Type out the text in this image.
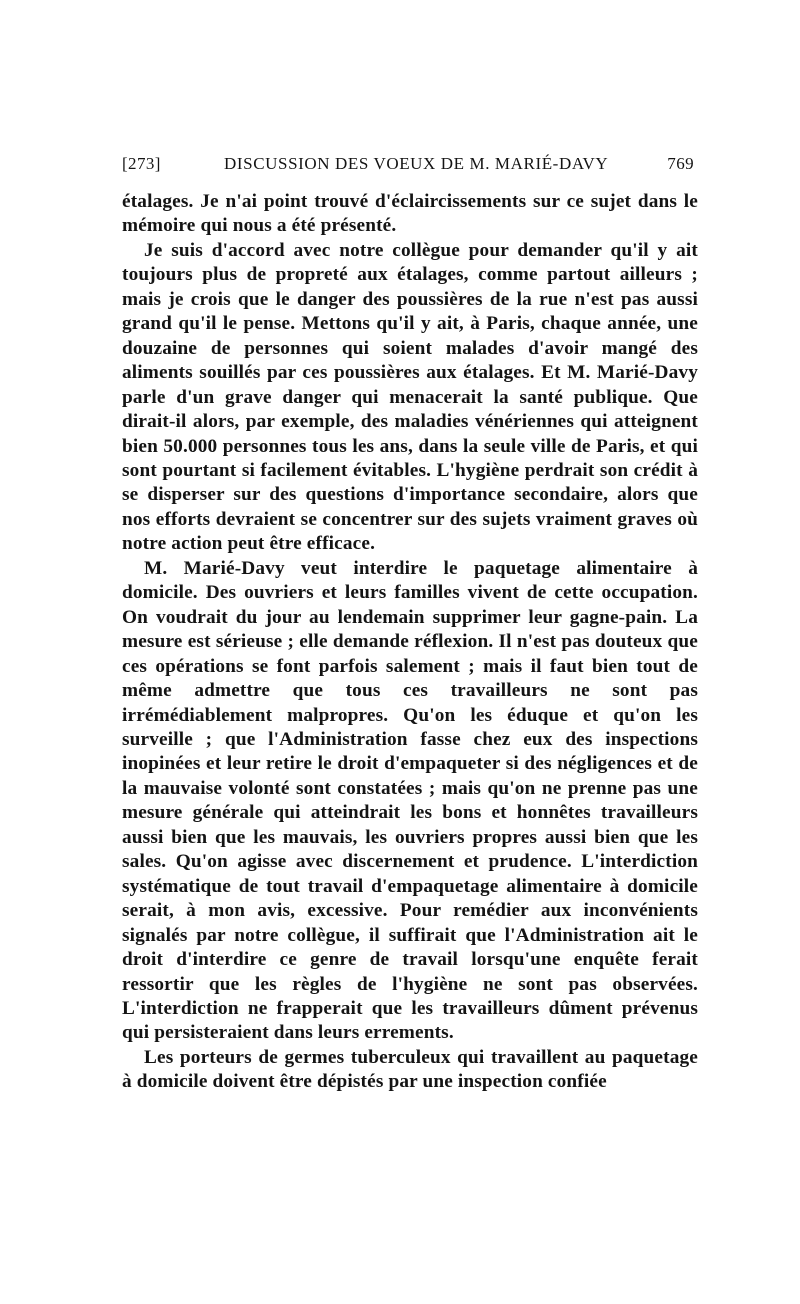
[273]	DISCUSSION DES VOEUX DE M. MARIÉ-DAVY	769

étalages. Je n'ai point trouvé d'éclaircissements sur ce sujet dans le mémoire qui nous a été présenté.

Je suis d'accord avec notre collègue pour demander qu'il y ait toujours plus de propreté aux étalages, comme partout ailleurs ; mais je crois que le danger des poussières de la rue n'est pas aussi grand qu'il le pense. Mettons qu'il y ait, à Paris, chaque année, une douzaine de personnes qui soient malades d'avoir mangé des aliments souillés par ces poussières aux étalages. Et M. Marié-Davy parle d'un grave danger qui menacerait la santé publique. Que dirait-il alors, par exemple, des maladies vénériennes qui atteignent bien 50.000 personnes tous les ans, dans la seule ville de Paris, et qui sont pourtant si facilement évitables. L'hygiène perdrait son crédit à se disperser sur des questions d'importance secondaire, alors que nos efforts devraient se concentrer sur des sujets vraiment graves où notre action peut être efficace.

M. Marié-Davy veut interdire le paquetage alimentaire à domicile. Des ouvriers et leurs familles vivent de cette occupation. On voudrait du jour au lendemain supprimer leur gagne-pain. La mesure est sérieuse ; elle demande réflexion. Il n'est pas douteux que ces opérations se font parfois salement ; mais il faut bien tout de même admettre que tous ces travailleurs ne sont pas irrémédiablement malpropres. Qu'on les éduque et qu'on les surveille ; que l'Administration fasse chez eux des inspections inopinées et leur retire le droit d'empaqueter si des négligences et de la mauvaise volonté sont constatées ; mais qu'on ne prenne pas une mesure générale qui atteindrait les bons et honnêtes travailleurs aussi bien que les mauvais, les ouvriers propres aussi bien que les sales. Qu'on agisse avec discernement et prudence. L'interdiction systématique de tout travail d'empaquetage alimentaire à domicile serait, à mon avis, excessive. Pour remédier aux inconvénients signalés par notre collègue, il suffirait que l'Administration ait le droit d'interdire ce genre de travail lorsqu'une enquête ferait ressortir que les règles de l'hygiène ne sont pas observées. L'interdiction ne frapperait que les travailleurs dûment prévenus qui persisteraient dans leurs errements.

Les porteurs de germes tuberculeux qui travaillent au paquetage à domicile doivent être dépistés par une inspection confiée
